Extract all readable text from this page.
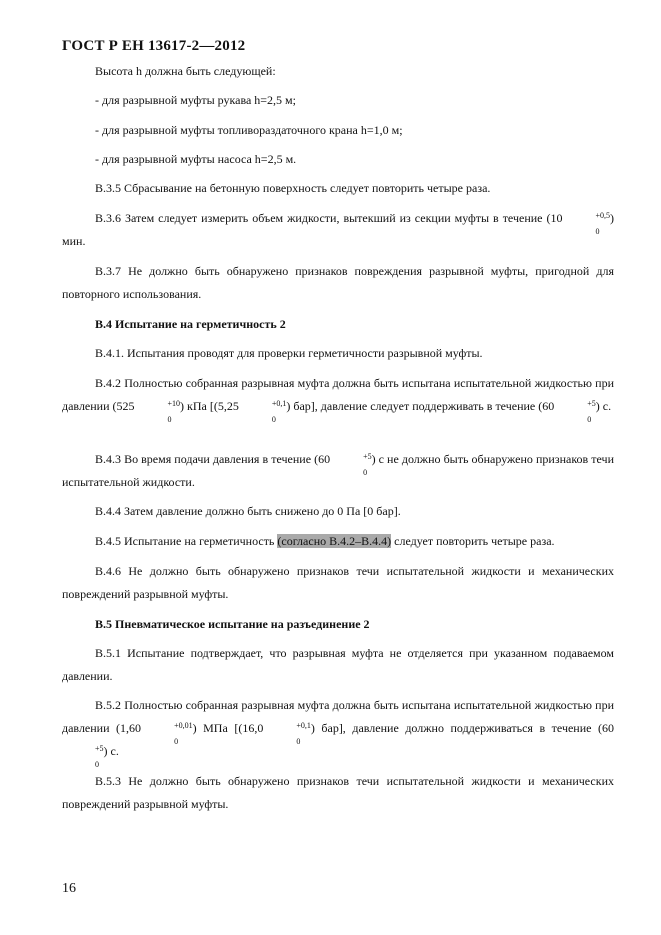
ГОСТ Р ЕН 13617-2—2012
Высота h должна быть следующей:
- для разрывной муфты рукава h=2,5 м;
- для разрывной муфты топливораздаточного крана h=1,0 м;
- для разрывной муфты насоса h=2,5 м.
В.3.5 Сбрасывание на бетонную поверхность следует повторить четыре раза.
В.3.6 Затем следует измерить объем жидкости, вытекший из секции муфты в течение (10	+0,5
0
) мин.
В.3.7 Не должно быть обнаружено признаков повреждения разрывной муфты, пригодной для повторного использования.
В.4 Испытание на герметичность 2
В.4.1. Испытания проводят для проверки герметичности разрывной муфты.
В.4.2 Полностью собранная разрывная муфта должна быть испытана испытательной жидкостью при давлении (525	+10
0
) кПа [(5,25	+0,1
0
) бар], давление следует поддерживать в течение (60	+5
0
) с.
В.4.3 Во время подачи давления в течение (60	+5
0
) с не должно быть обнаружено признаков течи испытательной жидкости.
В.4.4 Затем давление должно быть снижено до 0 Па [0 бар].
В.4.5 Испытание на герметичность (согласно В.4.2–В.4.4) следует повторить четыре раза.
В.4.6 Не должно быть обнаружено признаков течи испытательной жидкости и механических повреждений разрывной муфты.
В.5 Пневматическое испытание на разъединение 2
В.5.1 Испытание подтверждает, что разрывная муфта не отделяется при указанном подаваемом давлении.
В.5.2 Полностью собранная разрывная муфта должна быть испытана испытательной жидкостью при давлении (1,60	+0,01
0
) МПа [(16,0	+0,1
0
) бар], давление должно поддерживаться в течение (60+5
0
) с.
В.5.3 Не должно быть обнаружено признаков течи испытательной жидкости и механических повреждений разрывной муфты.
16
